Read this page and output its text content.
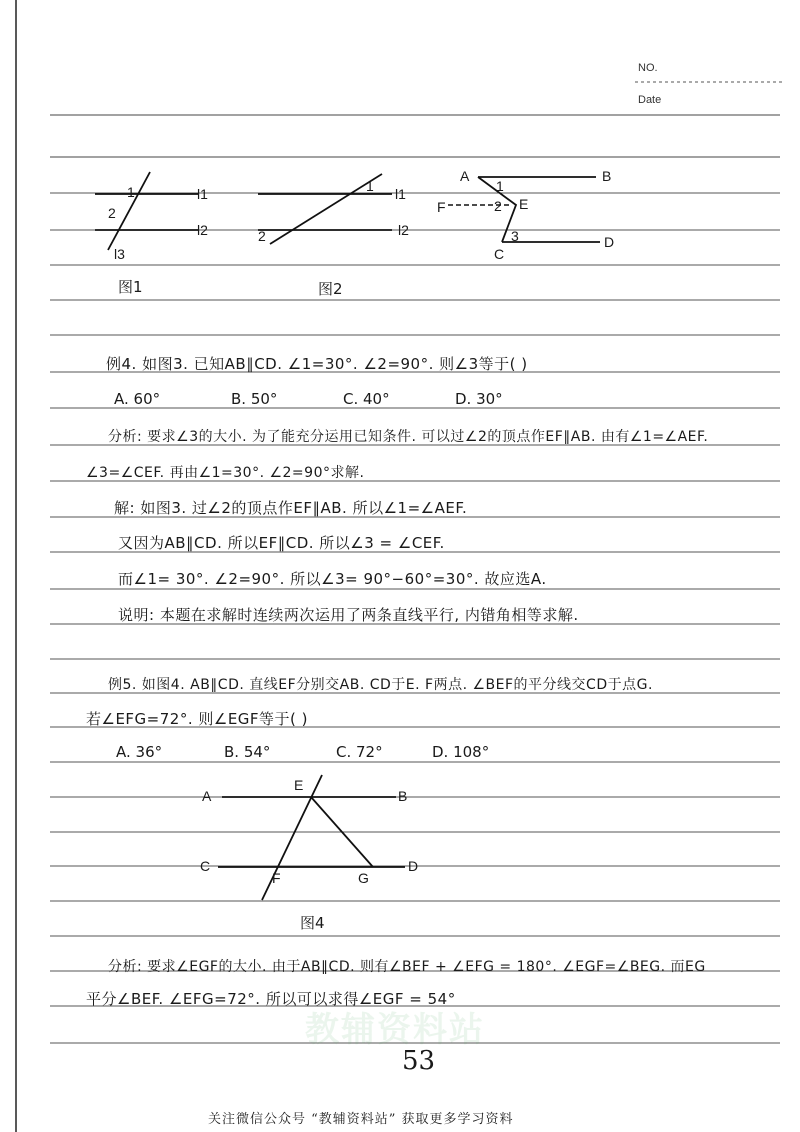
NO.
Date
1
2
l1
l2
l3
图1
1
2
l1
l2
图2
A	B
1
F	2 E
3	D
C
例4. 如图3. 已知AB∥CD. ∠1=30°. ∠2=90°. 则∠3等于( )
A. 60°	B. 50°	C. 40°	D. 30°
分析: 要求∠3的大小. 为了能充分运用已知条件. 可以过∠2的顶点作EF∥AB. 由有∠1=∠AEF.
∠3=∠CEF. 再由∠1=30°. ∠2=90°求解.
解: 如图3. 过∠2的顶点作EF∥AB. 所以∠1=∠AEF.
又因为AB∥CD. 所以EF∥CD. 所以∠3 = ∠CEF.
而∠1= 30°. ∠2=90°. 所以∠3= 90°−60°=30°. 故应选A.
说明: 本题在求解时连续两次运用了两条直线平行, 内错角相等求解.
例5. 如图4. AB∥CD. 直线EF分别交AB. CD于E. F两点. ∠BEF的平分线交CD于点G.
若∠EFG=72°. 则∠EGF等于( )
A. 36°	B. 54°	C. 72°	D. 108°
A
E
B
C
F	G
D
图4
分析: 要求∠EGF的大小. 由于AB∥CD. 则有∠BEF + ∠EFG = 180°. ∠EGF=∠BEG. 而EG
平分∠BEF. ∠EFG=72°. 所以可以求得∠EGF = 54°
教辅资料站
53
关注微信公众号 “教辅资料站” 获取更多学习资料
